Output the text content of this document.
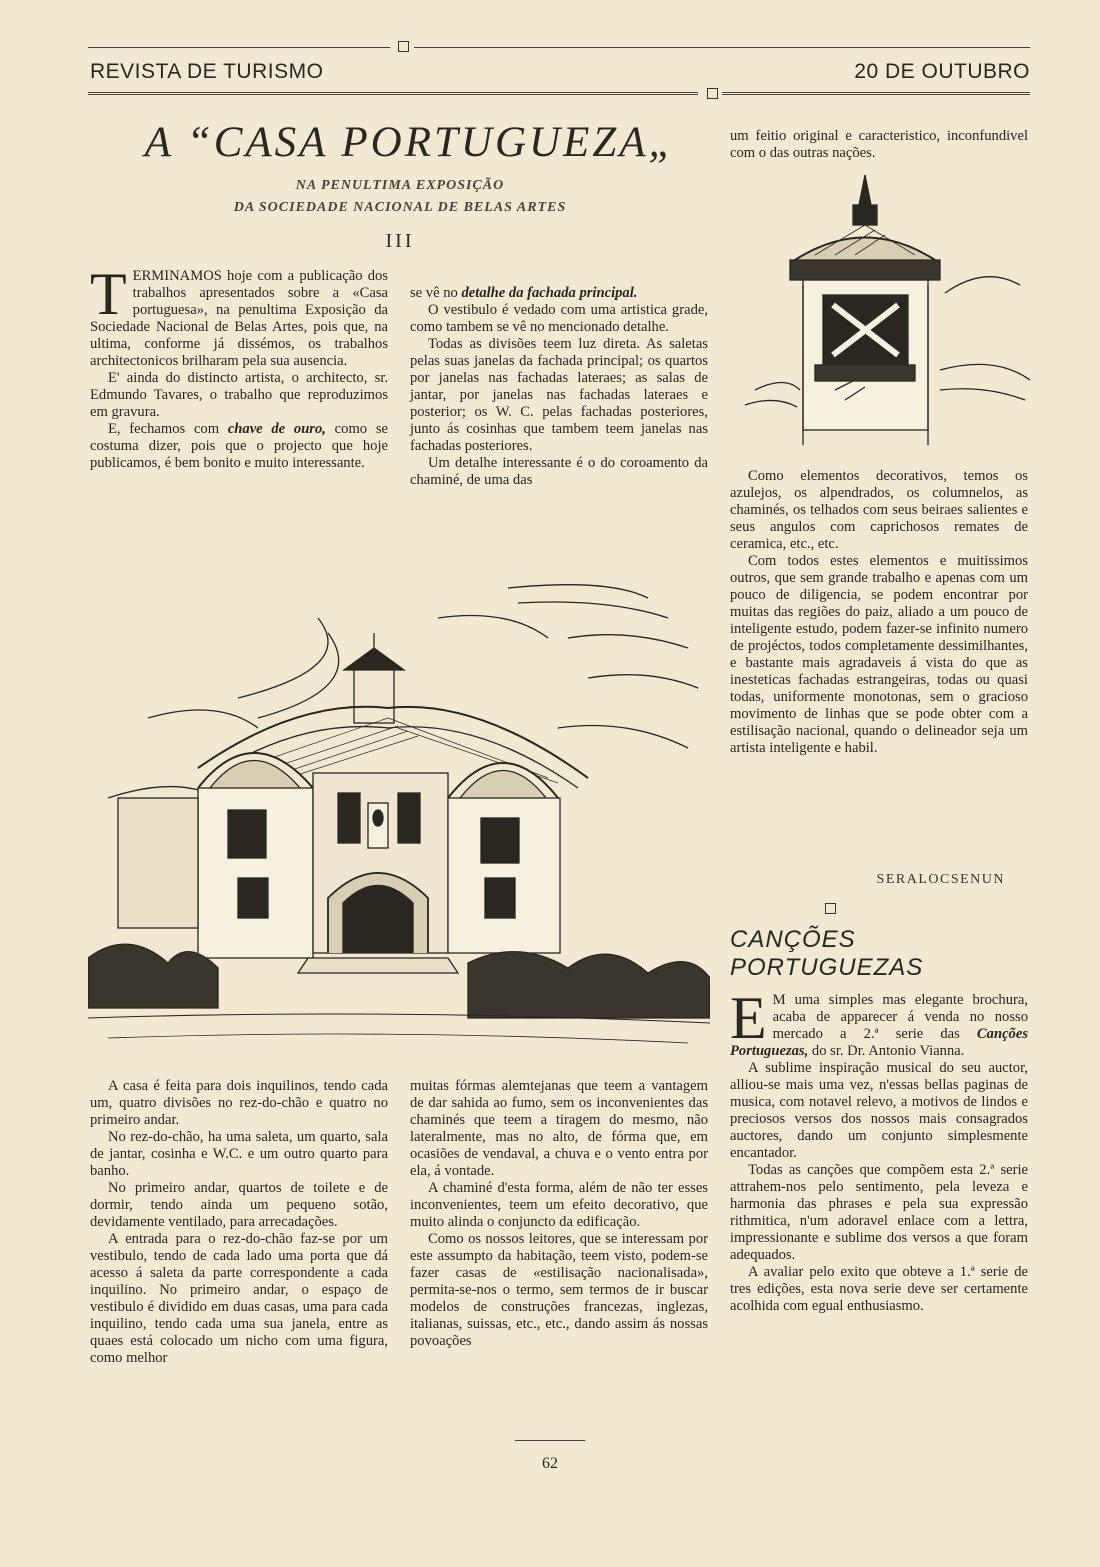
REVISTA DE TURISMO	20 DE OUTUBRO
A “CASA PORTUGUEZA„
NA PENULTIMA EXPOSIÇÃO
DA SOCIEDADE NACIONAL DE BELAS ARTES
III

TERMINAMOS hoje com a publicação dos trabalhos apresentados sobre a «Casa portuguesa», na penultima Exposição da Sociedade Nacional de Belas Artes, pois que, na ultima, conforme já dissémos, os trabalhos architectonicos brilharam pela sua ausencia.

E' ainda do distincto artista, o architecto, sr. Edmundo Tavares, o trabalho que reproduzimos em gravura.

E, fechamos com chave de ouro, como se costuma dizer, pois que o projecto que hoje publicamos, é bem bonito e muito interessante.

se vê no detalhe da fachada principal.

O vestibulo é vedado com uma artistica grade, como tambem se vê no mencionado detalhe.

Todas as divisões teem luz direta. As saletas pelas suas janelas da fachada principal; os quartos por janelas nas fachadas lateraes; as salas de jantar, por janelas nas fachadas lateraes e posterior; os W. C. pelas fachadas posteriores, junto ás cosinhas que tambem teem janelas nas fachadas posteriores.

Um detalhe interessante é o do coroamento da chaminé, de uma das

A casa é feita para dois inquilinos, tendo cada um, quatro divisões no rez-do-chão e quatro no primeiro andar.

No rez-do-chão, ha uma saleta, um quarto, sala de jantar, cosinha e W.C. e um outro quarto para banho.

No primeiro andar, quartos de toilete e de dormir, tendo ainda um pequeno sotão, devidamente ventilado, para arrecadações.

A entrada para o rez-do-chão faz-se por um vestibulo, tendo de cada lado uma porta que dá acesso á saleta da parte correspondente a cada inquilino. No primeiro andar, o espaço de vestibulo é dividido em duas casas, uma para cada inquilino, tendo cada uma sua janela, entre as quaes está colocado um nicho com uma figura, como melhor

muitas fórmas alemtejanas que teem a vantagem de dar sahida ao fumo, sem os inconvenientes das chaminés que teem a tiragem do mesmo, não lateralmente, mas no alto, de fórma que, em ocasiões de vendaval, a chuva e o vento entra por ela, á vontade.

A chaminé d'esta forma, além de não ter esses inconvenientes, teem um efeito decorativo, que muito alinda o conjuncto da edificação.

Como os nossos leitores, que se interessam por este assumpto da habitação, teem visto, podem-se fazer casas de «estilisação nacionalisada», permita-se-nos o termo, sem termos de ir buscar modelos de construções francezas, inglezas, italianas, suissas, etc., etc., dando assim ás nossas povoações

um feitio original e caracteristico, inconfundivel com o das outras nações.

Como elementos decorativos, temos os azulejos, os alpendrados, os columnelos, as chaminés, os telhados com seus beiraes salientes e seus angulos com caprichosos remates de ceramica, etc., etc.

Com todos estes elementos e muitissimos outros, que sem grande trabalho e apenas com um pouco de diligencia, se podem encontrar por muitas das regiões do paiz, aliado a um pouco de inteligente estudo, podem fazer-se infinito numero de projéctos, todos completamente dessimilhantes, e bastante mais agradaveis á vista do que as inesteticas fachadas estrangeiras, todas ou quasi todas, uniformente monotonas, sem o gracioso movimento de linhas que se pode obter com a estilisação nacional, quando o delineador seja um artista inteligente e habil.

SERALOCSENUN
CANÇÕES
PORTUGUEZAS

E M uma simples mas elegante brochura, acaba de apparecer á venda no nosso mercado a 2.ª serie das Canções Portuguezas, do sr. Dr. Antonio Vianna.

A sublime inspiração musical do seu auctor, alliou-se mais uma vez, n'essas bellas paginas de musica, com notavel relevo, a motivos de lindos e preciosos versos dos nossos mais consagrados auctores, dando um conjunto simplesmente encantador.

Todas as canções que compõem esta 2.ª serie attrahem-nos pelo sentimento, pela leveza e harmonia das phrases e pela sua expressão rithmitica, n'um adoravel enlace com a lettra, impressionante e sublime dos versos a que foram adequados.

A avaliar pelo exito que obteve a 1.ª serie de tres edições, esta nova serie deve ser certamente acolhida com egual enthusiasmo.

62
